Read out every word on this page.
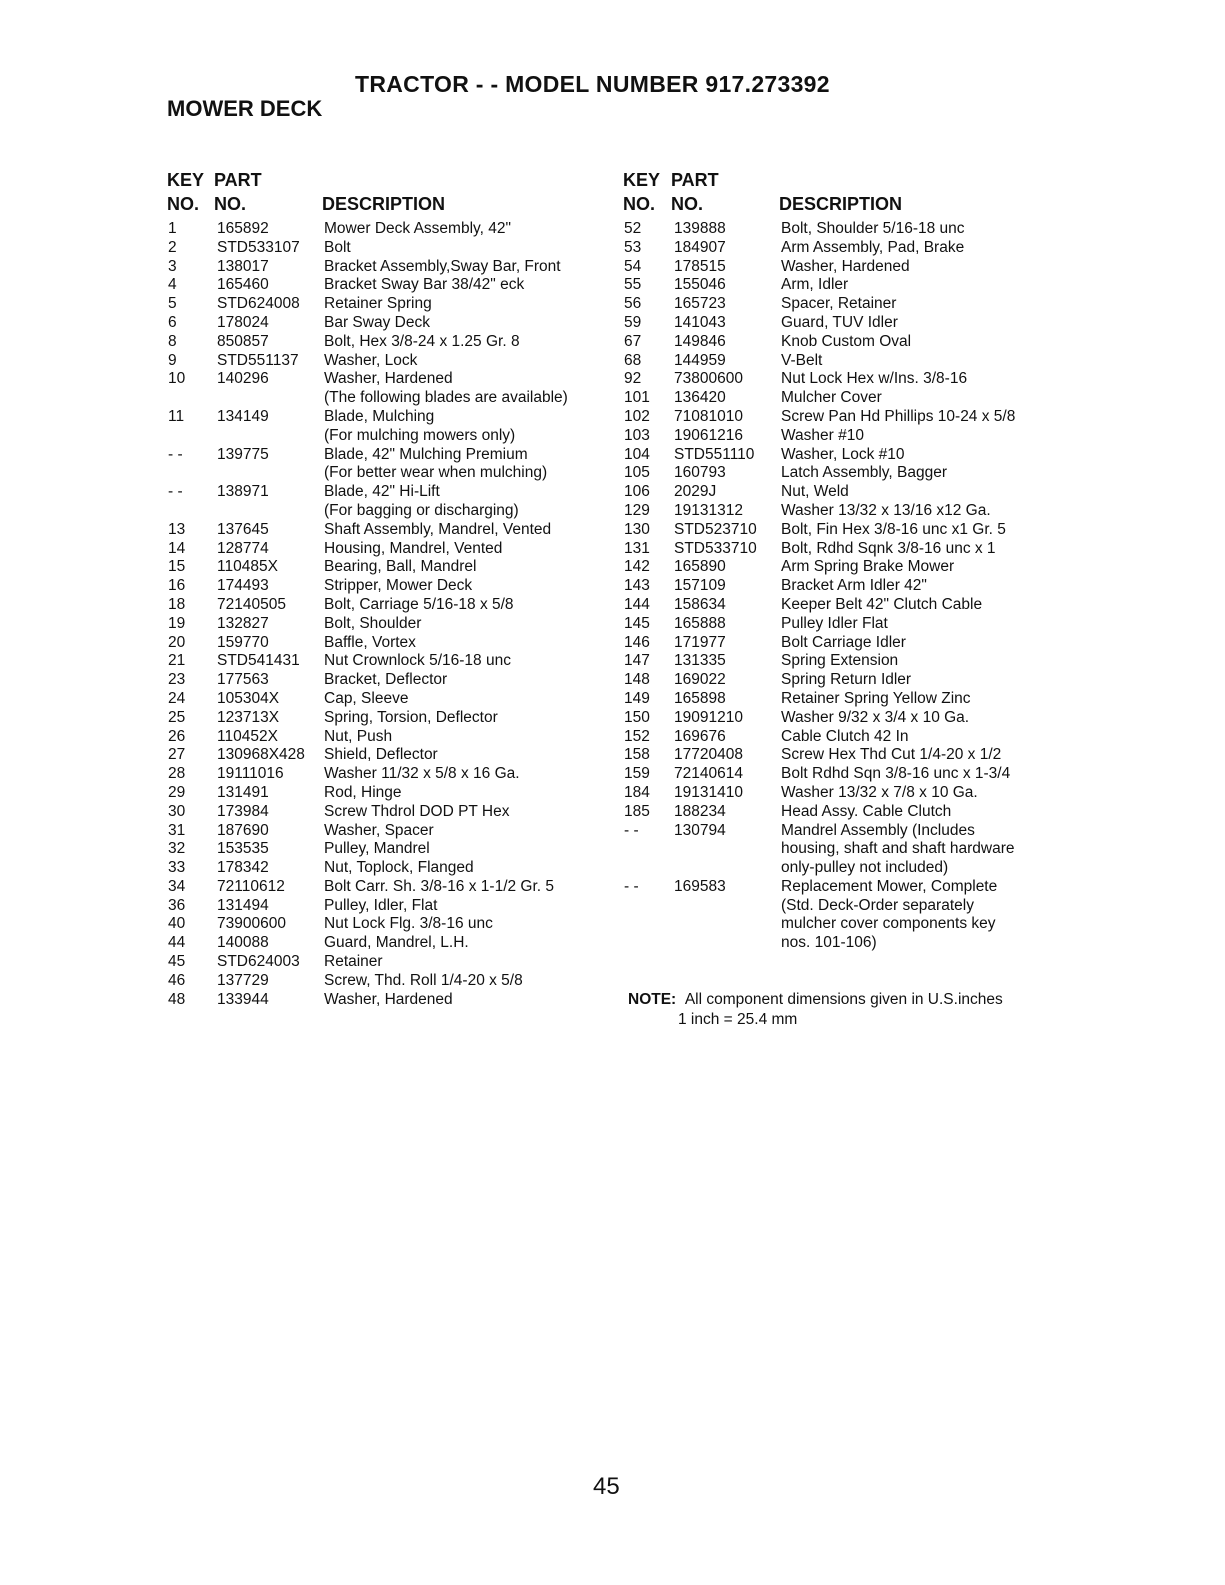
TRACTOR - - MODEL NUMBER 917.273392
MOWER DECK
KEY
NO.
PART
NO.	DESCRIPTION
1	165892	Mower Deck Assembly, 42"
2	STD533107 Bolt
3	138017	Bracket Assembly,Sway Bar, Front
4	165460	Bracket Sway Bar 38/42" eck
5	STD624008 Retainer Spring
6	178024	Bar Sway Deck
8	850857	Bolt, Hex 3/8-24 x 1.25 Gr. 8
9	STD551137 Washer, Lock
10 140296	Washer, Hardened
(The following blades are available)
11 134149	Blade, Mulching
(For mulching mowers only)
- - 139775	Blade, 42" Mulching Premium
(For better wear when mulching)
- - 138971	Blade, 42" Hi-Lift
(For bagging or discharging)
13 137645	Shaft Assembly, Mandrel, Vented
14 128774	Housing, Mandrel, Vented
15 110485X	Bearing, Ball, Mandrel
16 174493	Stripper, Mower Deck
18 72140505 Bolt, Carriage 5/16-18 x 5/8
19 132827	Bolt, Shoulder
20 159770	Baffle, Vortex
21 STD541431 Nut Crownlock 5/16-18 unc
23 177563	Bracket, Deflector
24 105304X	Cap, Sleeve
25 123713X	Spring, Torsion, Deflector
26 110452X	Nut, Push
27 130968X428 Shield, Deflector
28 19111016	Washer 11/32 x 5/8 x 16 Ga.
29 131491	Rod, Hinge
30 173984	Screw Thdrol DOD PT Hex
31 187690	Washer, Spacer
32 153535	Pulley, Mandrel
33 178342	Nut, Toplock, Flanged
34 72110612	Bolt Carr. Sh. 3/8-16 x 1-1/2 Gr. 5
36 131494	Pulley, Idler, Flat
40 73900600 Nut Lock Flg. 3/8-16 unc
44 140088	Guard, Mandrel, L.H.
45 STD624003 Retainer
46 137729	Screw, Thd. Roll 1/4-20 x 5/8
48 133944	Washer, Hardened
KEY
NO.
PART
NO.	DESCRIPTION
52 139888	Bolt, Shoulder 5/16-18 unc
53 184907	Arm Assembly, Pad, Brake
54 178515	Washer, Hardened
55 155046	Arm, Idler
56 165723	Spacer, Retainer
59 141043	Guard, TUV Idler
67 149846	Knob Custom Oval
68 144959	V-Belt
92 73800600 Nut Lock Hex w/Ins. 3/8-16
101 136420	Mulcher Cover
102 71081010 Screw Pan Hd Phillips 10-24 x 5/8
103 19061216 Washer #10
104 STD551110 Washer, Lock #10
105 160793	Latch Assembly, Bagger
106 2029J	Nut, Weld
129 19131312 Washer 13/32 x 13/16 x12 Ga.
130 STD523710 Bolt, Fin Hex 3/8-16 unc x1 Gr. 5
131 STD533710 Bolt, Rdhd Sqnk 3/8-16 unc x 1
142 165890	Arm Spring Brake Mower
143 157109	Bracket Arm Idler 42"
144 158634	Keeper Belt 42" Clutch Cable
145 165888	Pulley Idler Flat
146 171977	Bolt Carriage Idler
147 131335	Spring Extension
148 169022	Spring Return Idler
149 165898	Retainer Spring Yellow Zinc
150 19091210 Washer 9/32 x 3/4 x 10 Ga.
152 169676	Cable Clutch 42 In
158 17720408 Screw Hex Thd Cut 1/4-20 x 1/2
159 72140614 Bolt Rdhd Sqn 3/8-16 unc x 1-3/4
184 19131410 Washer 13/32 x 7/8 x 10 Ga.
185 188234	Head Assy. Cable Clutch
- - 130794	Mandrel Assembly (Includes
housing, shaft and shaft hardware
only-pulley not included)
- - 169583	Replacement Mower, Complete
(Std. Deck-Order separately
mulcher cover components key
nos. 101-106)
NOTE: All component dimensions given in U.S.inches
1 inch = 25.4 mm
45
